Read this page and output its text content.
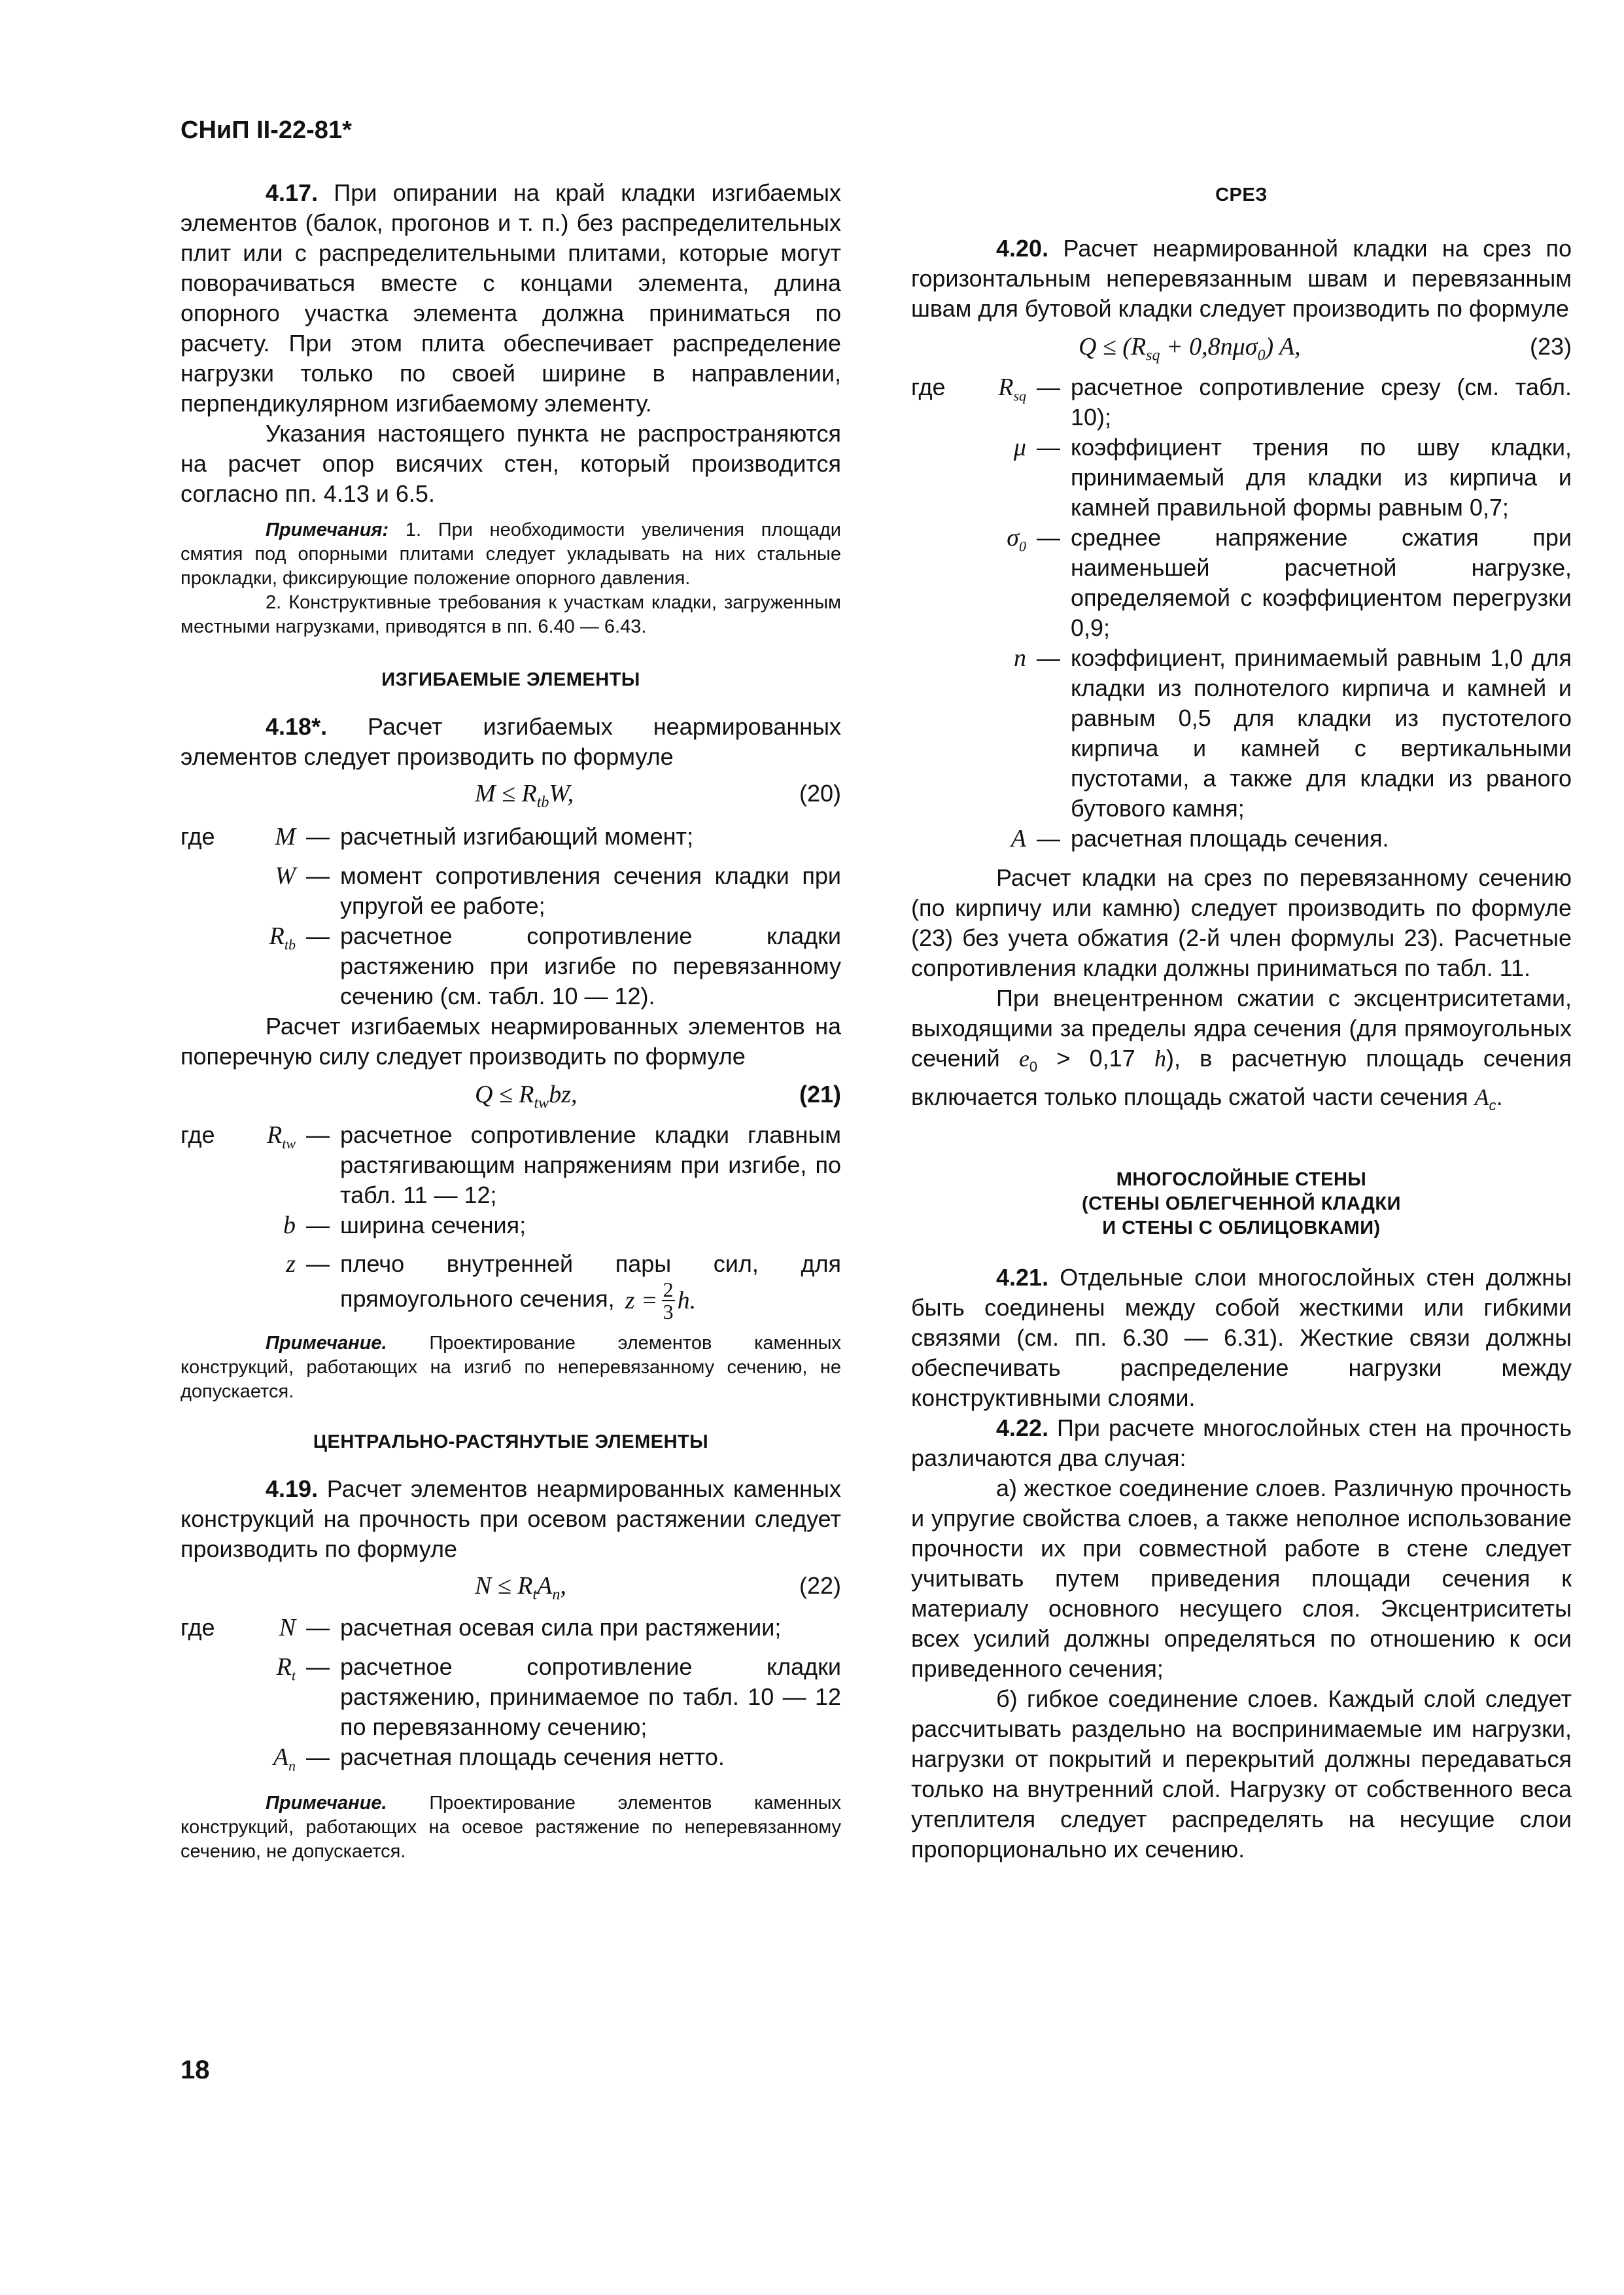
СНиП II-22-81*

4.17. При опирании на край кладки изгибаемых элементов (балок, прогонов и т. п.) без распределительных плит или с распределительными плитами, которые могут поворачиваться вместе с концами элемента, длина опорного участка элемента должна приниматься по расчету. При этом плита обеспечивает распределение нагрузки только по своей ширине в направлении, перпендикулярном изгибаемому элементу.

Указания настоящего пункта не распространяются на расчет опор висячих стен, который производится согласно пп. 4.13 и 6.5.

Примечания: 1. При необходимости увеличения площади смятия под опорными плитами следует укладывать на них стальные прокладки, фиксирующие положение опорного давления.

2. Конструктивные требования к участкам кладки, загруженным местными нагрузками, приводятся в пп. 6.40 — 6.43.

ИЗГИБАЕМЫЕ ЭЛЕМЕНТЫ

4.18*. Расчет изгибаемых неармированных элементов следует производить по формуле

$M \le R_{tb}W$,	(20)
где	M — расчетный изгибающий момент;
W — момент сопротивления сечения кладки при упругой ее работе;
$R_{tb}$ — расчетное сопротивление кладки растяжению при изгибе по перевязанному сечению (см. табл. 10 — 12).

Расчет изгибаемых неармированных элементов на поперечную силу следует производить по формуле

$Q \le R_{tw}bz$,	(21)
где	$R_{tw}$ — расчетное сопротивление кладки главным растягивающим напряжениям при изгибе, по табл. 11 — 12;
b — ширина сечения;
z — плечо внутренней пары сил, для прямоугольного сечения, $z = \frac{2}{3} h$.

Примечание. Проектирование элементов каменных конструкций, работающих на изгиб по неперевязанному сечению, не допускается.

ЦЕНТРАЛЬНО-РАСТЯНУТЫЕ ЭЛЕМЕНТЫ

4.19. Расчет элементов неармированных каменных конструкций на прочность при осевом растяжении следует производить по формуле

$N \le R_tA_n$,	(22)
где	N — расчетная осевая сила при растяжении;
$R_t$ — расчетное сопротивление кладки растяжению, принимаемое по табл. 10 — 12 по перевязанному сечению;
$A_n$ — расчетная площадь сечения нетто.

Примечание. Проектирование элементов каменных конструкций, работающих на осевое растяжение по неперевязанному сечению, не допускается.

СРЕЗ

4.20. Расчет неармированной кладки на срез по горизонтальным неперевязанным швам и перевязанным швам для бутовой кладки следует производить по формуле

$Q \le (R_{sq} + 0,8n\mu\sigma_0)$ A,	(23)
где	$R_{sq}$ — расчетное сопротивление срезу (см. табл. 10);
μ — коэффициент трения по шву кладки, принимаемый для кладки из кирпича и камней правильной формы равным 0,7;
$\sigma_0$ — среднее напряжение сжатия при наименьшей расчетной нагрузке, определяемой с коэффициентом перегрузки 0,9;
n — коэффициент, принимаемый равным 1,0 для кладки из полнотелого кирпича и камней и равным 0,5 для кладки из пустотелого кирпича и камней с вертикальными пустотами, а также для кладки из рваного бутового камня;
A — расчетная площадь сечения.

Расчет кладки на срез по перевязанному сечению (по кирпичу или камню) следует производить по формуле (23) без учета обжатия (2-й член формулы 23). Расчетные сопротивления кладки должны приниматься по табл. 11.

При внецентренном сжатии с эксцентриситетами, выходящими за пределы ядра сечения (для прямоугольных сечений $e_0 > 0,17$ h), в расчетную площадь сечения включается только площадь сжатой части сечения $A_c$.

МНОГОСЛОЙНЫЕ СТЕНЫ

(СТЕНЫ ОБЛЕГЧЕННОЙ КЛАДКИ

И СТЕНЫ С ОБЛИЦОВКАМИ)

4.21. Отдельные слои многослойных стен должны быть соединены между собой жесткими или гибкими связями (см. пп. 6.30 — 6.31). Жесткие связи должны обеспечивать распределение нагрузки между конструктивными слоями.

4.22. При расчете многослойных стен на прочность различаются два случая:

а) жесткое соединение слоев. Различную прочность и упругие свойства слоев, а также неполное использование прочности их при совместной работе в стене следует учитывать путем приведения площади сечения к материалу основного несущего слоя. Эксцентриситеты всех усилий должны определяться по отношению к оси приведенного сечения;

б) гибкое соединение слоев. Каждый слой следует рассчитывать раздельно на воспринимаемые им нагрузки, нагрузки от покрытий и перекрытий должны передаваться только на внутренний слой. Нагрузку от собственного веса утеплителя следует распределять на несущие слои пропорционально их сечению.

18
